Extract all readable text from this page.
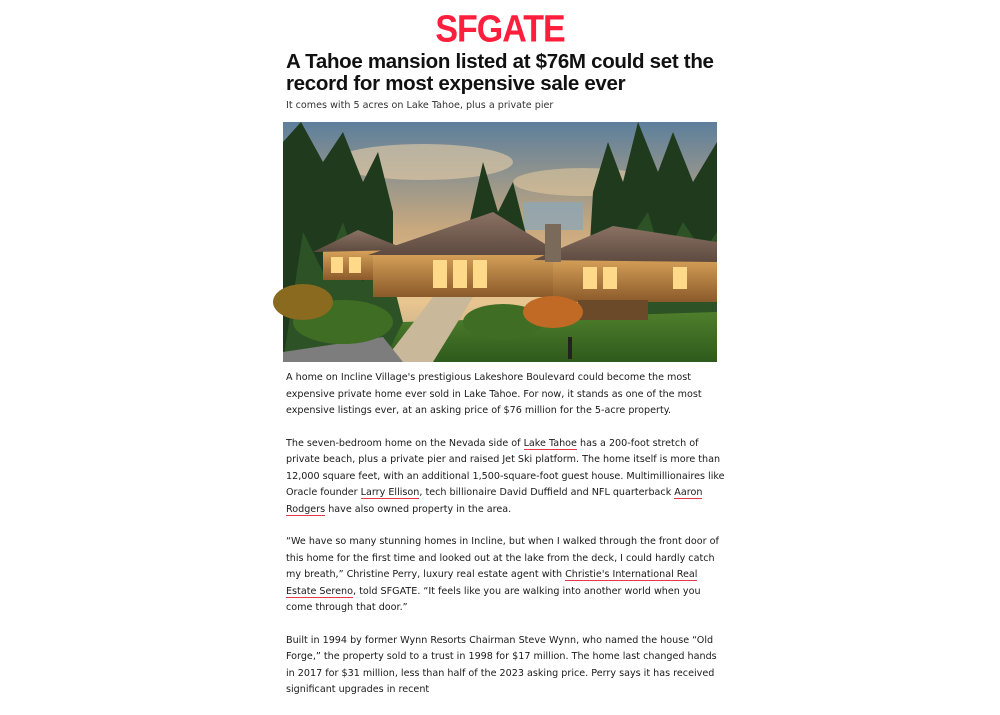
SFGATE
A Tahoe mansion listed at $76M could set the record for most expensive sale ever
It comes with 5 acres on Lake Tahoe, plus a private pier

A home on Incline Village's prestigious Lakeshore Boulevard could become the most expensive private home ever sold in Lake Tahoe. For now, it stands as one of the most expensive listings ever, at an asking price of $76 million for the 5-acre property.

The seven-bedroom home on the Nevada side of Lake Tahoe has a 200-foot stretch of private beach, plus a private pier and raised Jet Ski platform. The home itself is more than 12,000 square feet, with an additional 1,500-square-foot guest house. Multimillionaires like Oracle founder Larry Ellison, tech billionaire David Duffield and NFL quarterback Aaron Rodgers have also owned property in the area.

“We have so many stunning homes in Incline, but when I walked through the front door of this home for the first time and looked out at the lake from the deck, I could hardly catch my breath,” Christine Perry, luxury real estate agent with Christie's International Real Estate Sereno, told SFGATE. “It feels like you are walking into another world when you come through that door.”

Built in 1994 by former Wynn Resorts Chairman Steve Wynn, who named the house “Old Forge,” the property sold to a trust in 1998 for $17 million. The home last changed hands in 2017 for $31 million, less than half of the 2023 asking price. Perry says it has received significant upgrades in recent
